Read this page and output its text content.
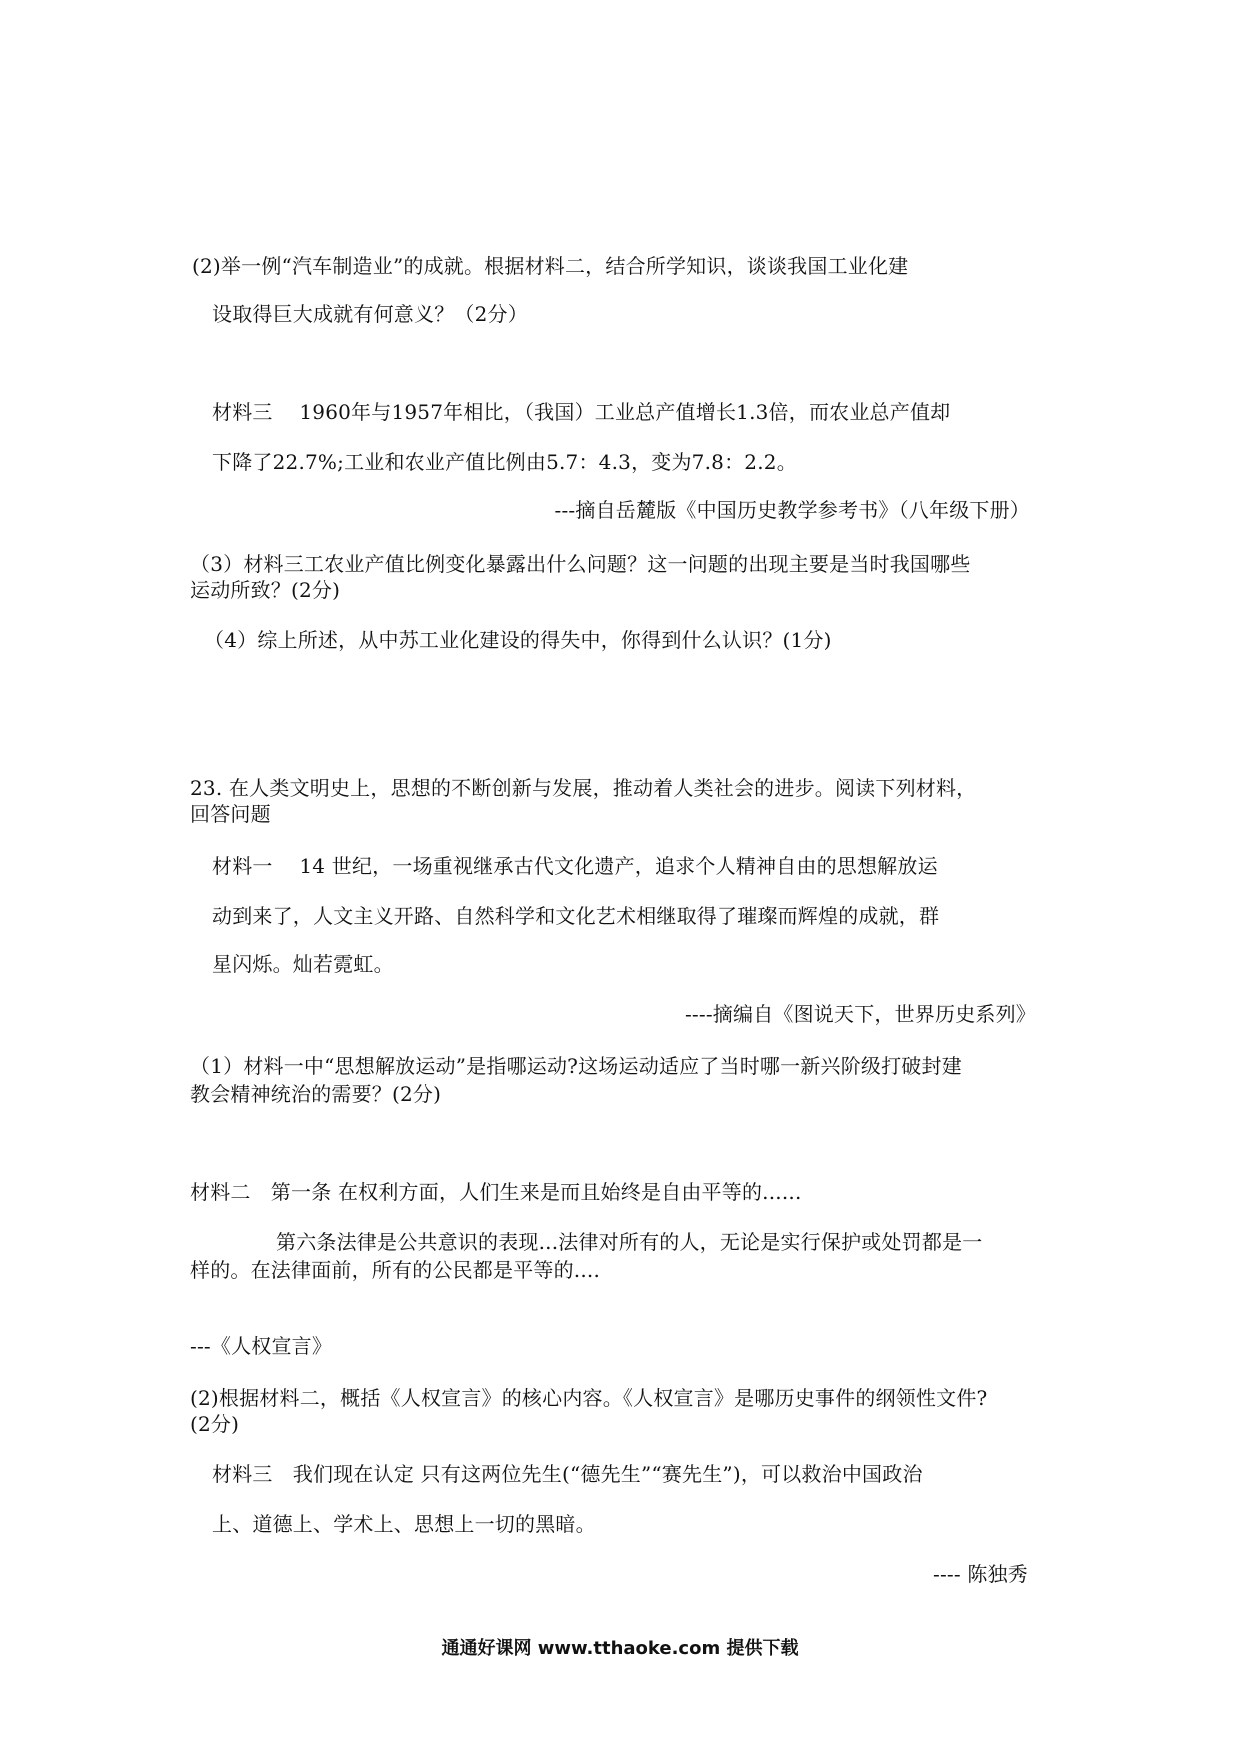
(2)举一例“汽车制造业”的成就。根据材料二，结合所学知识，谈谈我国工业化建
设取得巨大成就有何意义？（2分）
材料三　 1960年与1957年相比，（我国）工业总产值增长1.3倍，而农业总产值却
下降了22.7%;工业和农业产值比例由5.7：4.3，变为7.8：2.2。
---摘自岳麓版《中国历史教学参考书》（八年级下册）
（3）材料三工农业产值比例变化暴露出什么问题？这一问题的出现主要是当时我国哪些
运动所致？(2分)
（4）综上所述，从中苏工业化建设的得失中，你得到什么认识？(1分)
23. 在人类文明史上，思想的不断创新与发展，推动着人类社会的进步。阅读下列材料，
回答问题
材料一　 14 世纪，一场重视继承古代文化遗产，追求个人精神自由的思想解放运
动到来了，人文主义开路、自然科学和文化艺术相继取得了璀璨而辉煌的成就，群
星闪烁。灿若霓虹。
----摘编自《图说天下，世界历史系列》
（1）材料一中“思想解放运动”是指哪运动?这场运动适应了当时哪一新兴阶级打破封建
教会精神统治的需要？(2分)
材料二　第一条 在权利方面，人们生来是而且始终是自由平等的......
第六条法律是公共意识的表现...法律对所有的人，无论是实行保护或处罚都是一
样的。在法律面前，所有的公民都是平等的....
---《人权宣言》
(2)根据材料二，概括《人权宣言》的核心内容。《人权宣言》是哪历史事件的纲领性文件?
(2分)
材料三　我们现在认定 只有这两位先生(“德先生”“赛先生”)，可以救治中国政治
上、道德上、学术上、思想上一切的黑暗。
---- 陈独秀
通通好课网 www.tthaoke.com 提供下载
